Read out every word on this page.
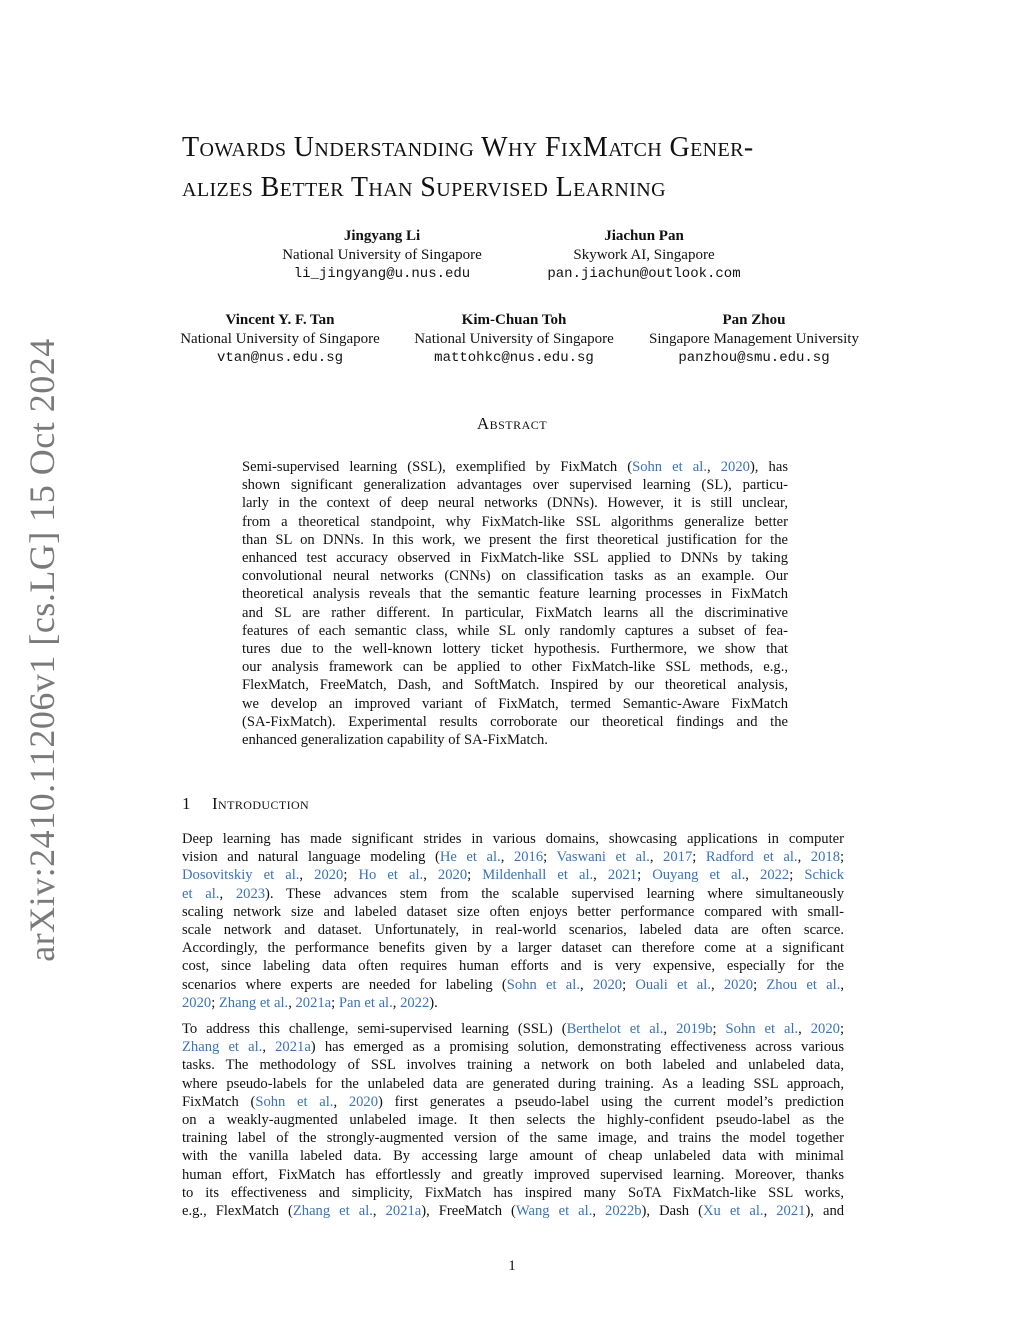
arXiv:2410.11206v1 [cs.LG] 15 Oct 2024
Towards Understanding Why FixMatch Gener-
alizes Better Than Supervised Learning
Jingyang Li
National University of Singapore
li_jingyang@u.nus.edu
Jiachun Pan
Skywork AI, Singapore
pan.jiachun@outlook.com
Vincent Y. F. Tan
National University of Singapore
vtan@nus.edu.sg
Kim-Chuan Toh
National University of Singapore
mattohkc@nus.edu.sg
Pan Zhou
Singapore Management University
panzhou@smu.edu.sg
Abstract
Semi-supervised learning (SSL), exemplified by FixMatch (Sohn et al., 2020), has
shown significant generalization advantages over supervised learning (SL), particu-
larly in the context of deep neural networks (DNNs). However, it is still unclear,
from a theoretical standpoint, why FixMatch-like SSL algorithms generalize better
than SL on DNNs. In this work, we present the first theoretical justification for the
enhanced test accuracy observed in FixMatch-like SSL applied to DNNs by taking
convolutional neural networks (CNNs) on classification tasks as an example. Our
theoretical analysis reveals that the semantic feature learning processes in FixMatch
and SL are rather different. In particular, FixMatch learns all the discriminative
features of each semantic class, while SL only randomly captures a subset of fea-
tures due to the well-known lottery ticket hypothesis. Furthermore, we show that
our analysis framework can be applied to other FixMatch-like SSL methods, e.g.,
FlexMatch, FreeMatch, Dash, and SoftMatch. Inspired by our theoretical analysis,
we develop an improved variant of FixMatch, termed Semantic-Aware FixMatch
(SA-FixMatch). Experimental results corroborate our theoretical findings and the
enhanced generalization capability of SA-FixMatch.
1 Introduction
Deep learning has made significant strides in various domains, showcasing applications in computer
vision and natural language modeling (He et al., 2016; Vaswani et al., 2017; Radford et al., 2018;
Dosovitskiy et al., 2020; Ho et al., 2020; Mildenhall et al., 2021; Ouyang et al., 2022; Schick
et al., 2023). These advances stem from the scalable supervised learning where simultaneously
scaling network size and labeled dataset size often enjoys better performance compared with small-
scale network and dataset. Unfortunately, in real-world scenarios, labeled data are often scarce.
Accordingly, the performance benefits given by a larger dataset can therefore come at a significant
cost, since labeling data often requires human efforts and is very expensive, especially for the
scenarios where experts are needed for labeling (Sohn et al., 2020; Ouali et al., 2020; Zhou et al.,
2020; Zhang et al., 2021a; Pan et al., 2022).
To address this challenge, semi-supervised learning (SSL) (Berthelot et al., 2019b; Sohn et al., 2020;
Zhang et al., 2021a) has emerged as a promising solution, demonstrating effectiveness across various
tasks. The methodology of SSL involves training a network on both labeled and unlabeled data,
where pseudo-labels for the unlabeled data are generated during training. As a leading SSL approach,
FixMatch (Sohn et al., 2020) first generates a pseudo-label using the current model’s prediction
on a weakly-augmented unlabeled image. It then selects the highly-confident pseudo-label as the
training label of the strongly-augmented version of the same image, and trains the model together
with the vanilla labeled data. By accessing large amount of cheap unlabeled data with minimal
human effort, FixMatch has effortlessly and greatly improved supervised learning. Moreover, thanks
to its effectiveness and simplicity, FixMatch has inspired many SoTA FixMatch-like SSL works,
e.g., FlexMatch (Zhang et al., 2021a), FreeMatch (Wang et al., 2022b), Dash (Xu et al., 2021), and
1
